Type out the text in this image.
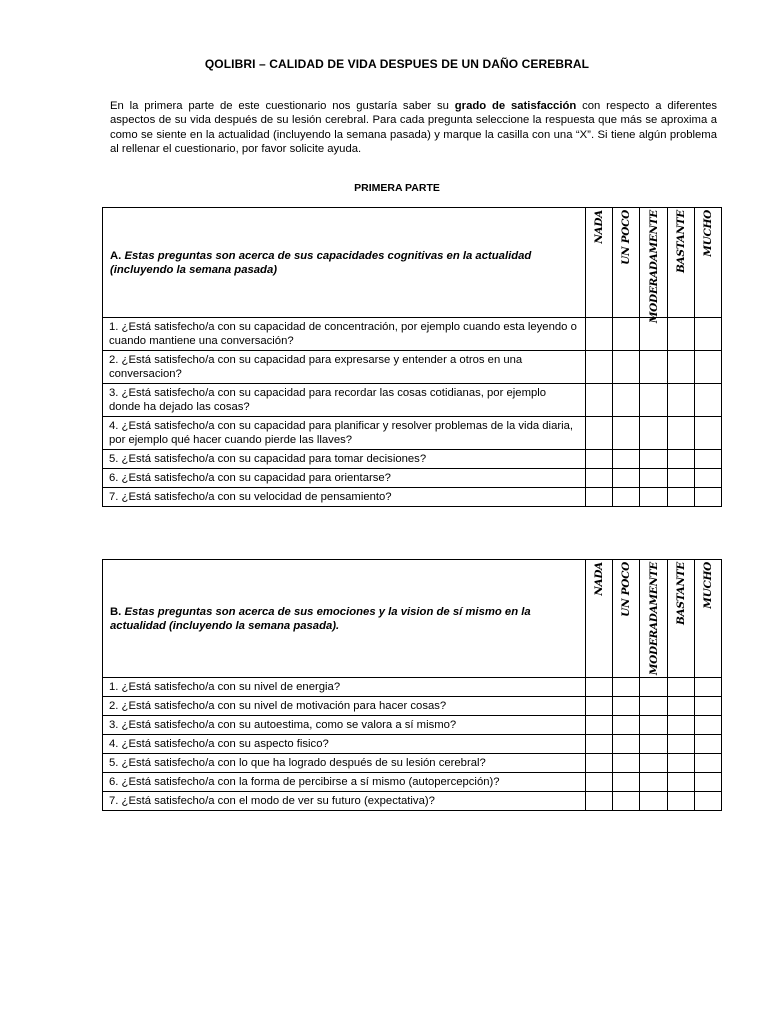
QOLIBRI – CALIDAD DE VIDA DESPUES DE UN DAÑO CEREBRAL
En la primera parte de este cuestionario nos gustaría saber su grado de satisfacción con respecto a diferentes aspectos de su vida después de su lesión cerebral. Para cada pregunta seleccione la respuesta que más se aproxima a como se siente en la actualidad (incluyendo la semana pasada) y marque la casilla con una “X”. Si tiene algún problema al rellenar el cuestionario, por favor solicite ayuda.
PRIMERA PARTE
A. Estas preguntas son acerca de sus capacidades cognitivas en la actualidad (incluyendo la semana pasada)	NADA	UN POCO	MODERADAMENTE	BASTANTE	MUCHO

1. ¿Está satisfecho/a con su capacidad de concentración, por ejemplo cuando esta leyendo o cuando mantiene una conversación?					
2. ¿Está satisfecho/a con su capacidad para expresarse y entender a otros en una conversacion?					
3. ¿Está satisfecho/a con su capacidad para recordar las cosas cotidianas, por ejemplo donde ha dejado las cosas?					
4. ¿Está satisfecho/a con su capacidad para planificar y resolver problemas de la vida diaria, por ejemplo qué hacer cuando pierde las llaves?					
5. ¿Está satisfecho/a con su capacidad para tomar decisiones?					
6. ¿Está satisfecho/a con su capacidad para orientarse?					
7. ¿Está satisfecho/a con su velocidad de pensamiento?					
B. Estas preguntas son acerca de sus emociones y la vision de sí mismo en la actualidad (incluyendo la semana pasada).	NADA	UN POCO	MODERADAMENTE	BASTANTE	MUCHO

1. ¿Está satisfecho/a con su nivel de energia?					
2. ¿Está satisfecho/a con su nivel de motivación para hacer cosas?					
3. ¿Está satisfecho/a con su autoestima, como se valora a sí mismo?					
4. ¿Está satisfecho/a con su aspecto fisico?					
5. ¿Está satisfecho/a con lo que ha logrado después de su lesión cerebral?					
6. ¿Está satisfecho/a con la forma de percibirse a sí mismo (autopercepción)?					
7. ¿Está satisfecho/a con el modo de ver su futuro (expectativa)?					
